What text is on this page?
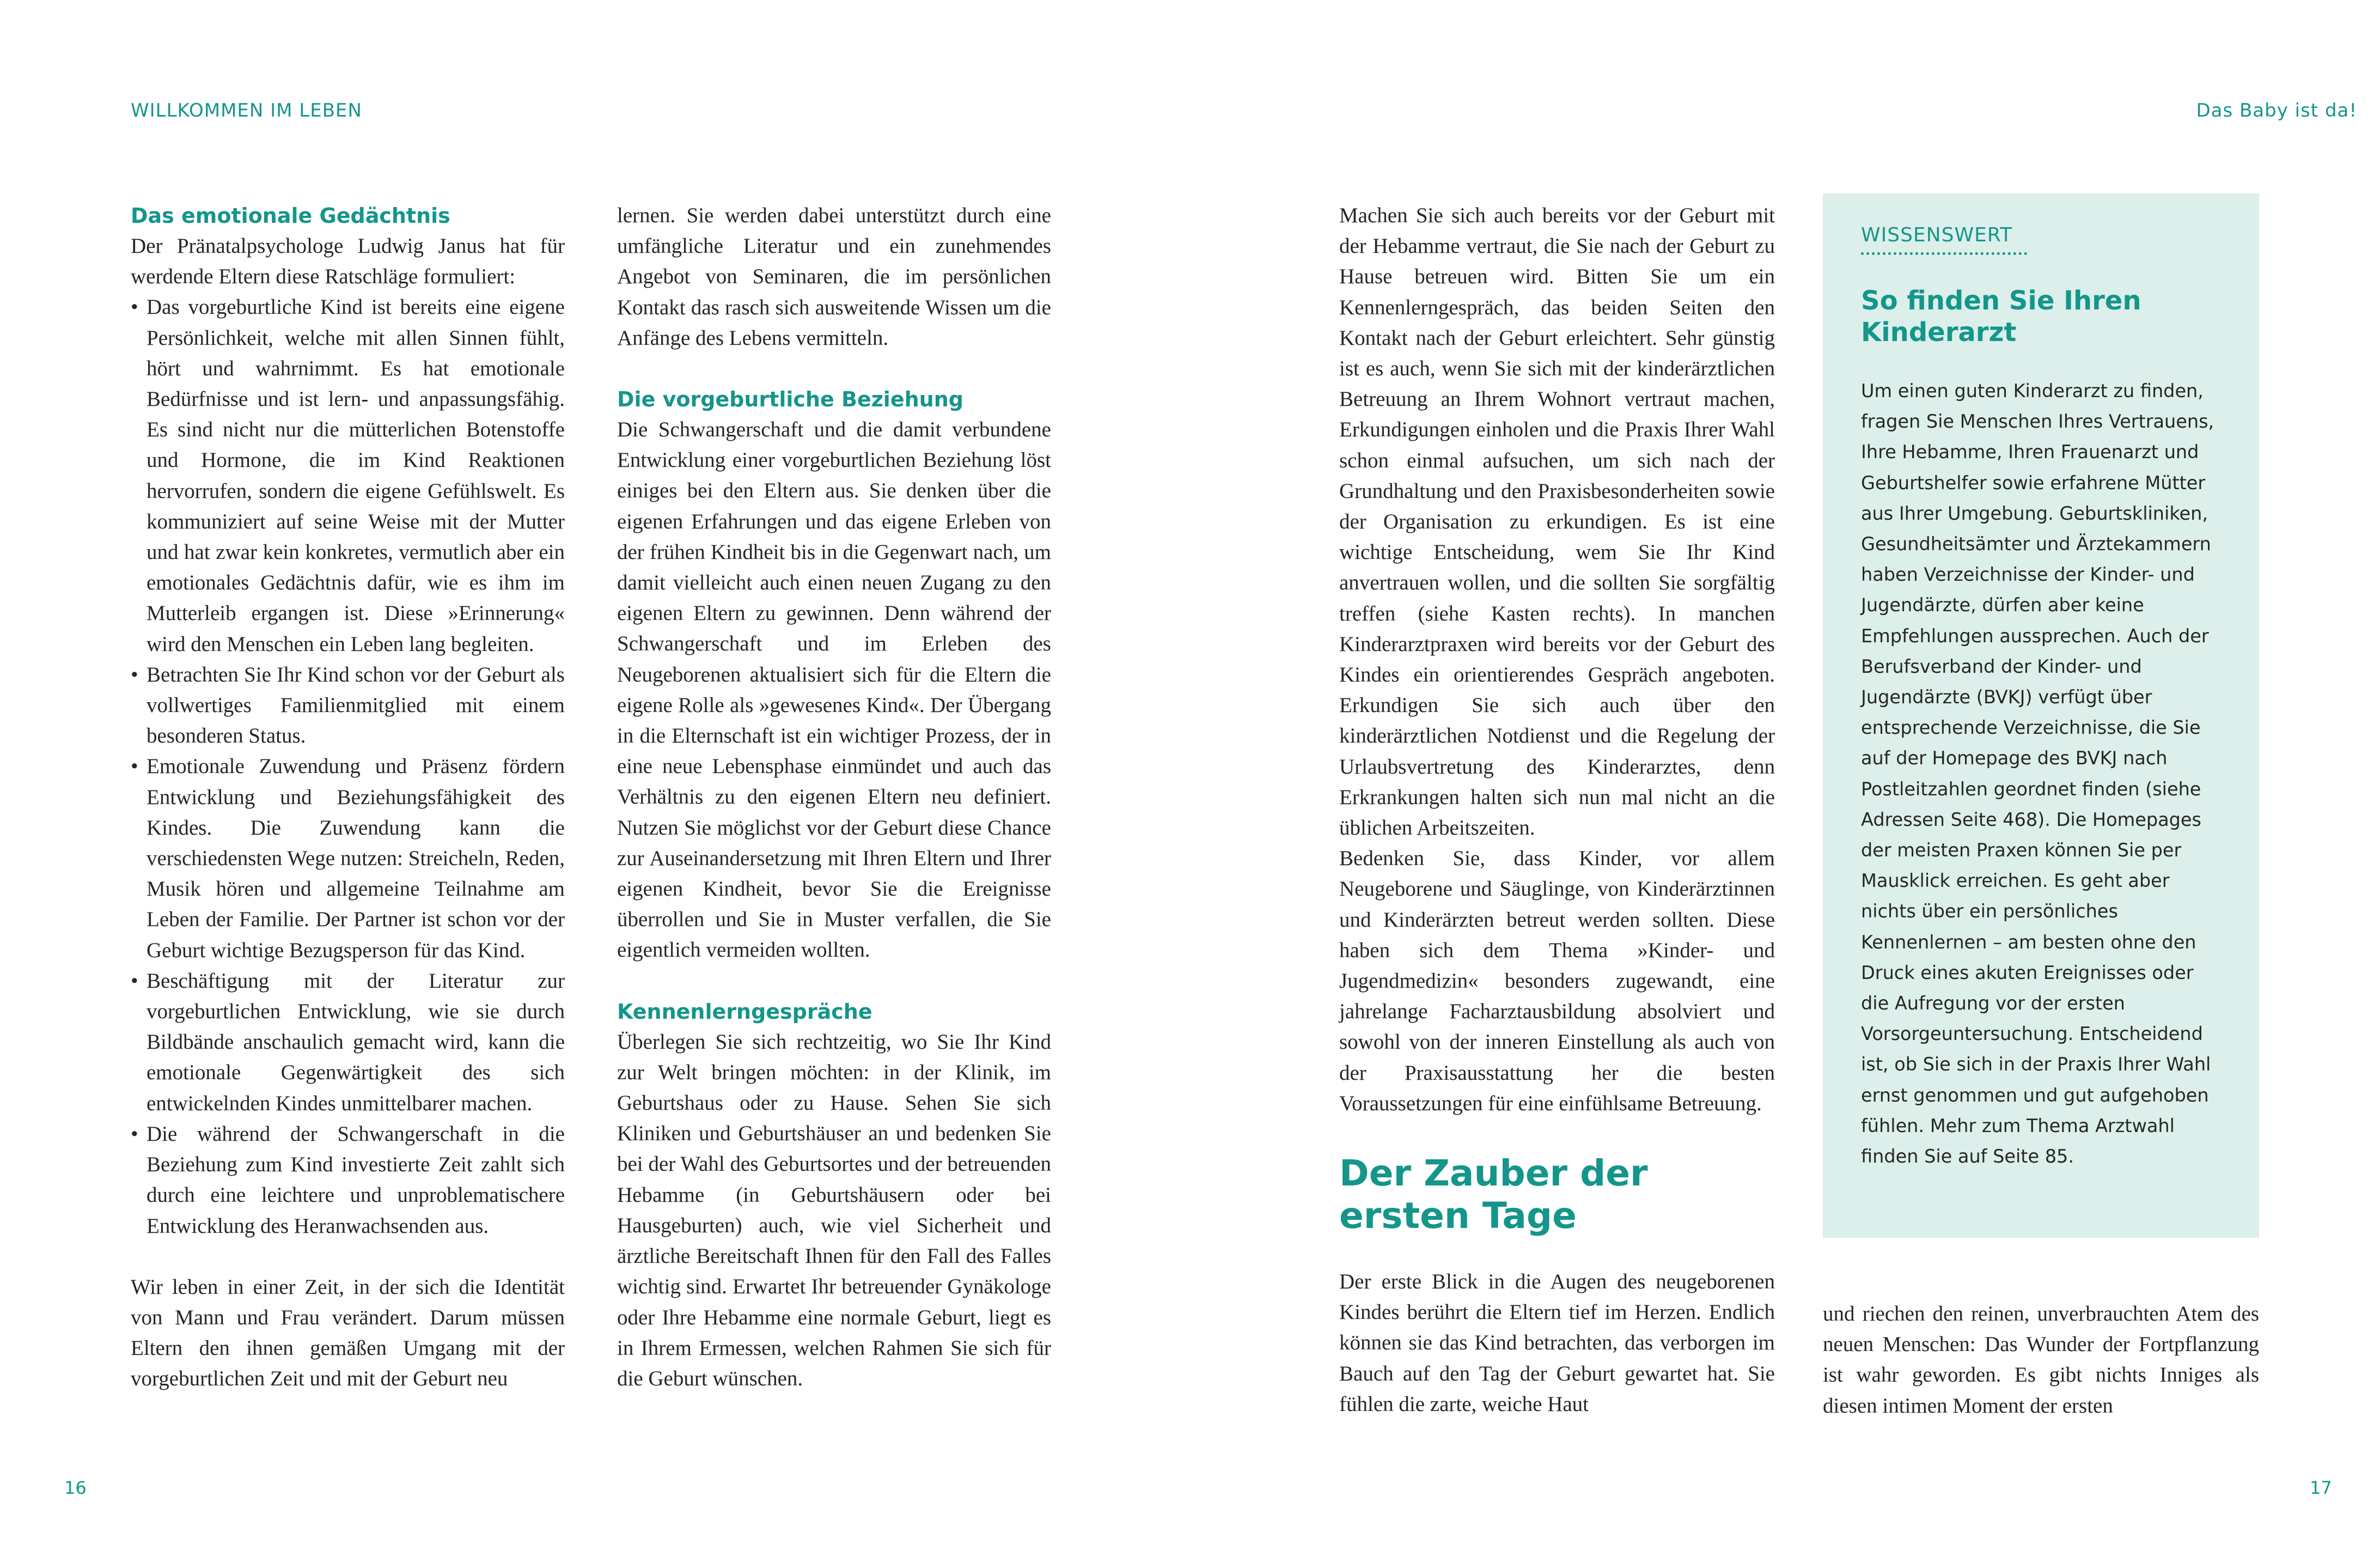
WILLKOMMEN IM LEBEN
Das emotionale Gedächtnis

Der Pränatalpsychologe Ludwig Janus hat für werdende Eltern diese Ratschläge formuliert:

• Das vorgeburtliche Kind ist bereits eine eigene Persönlichkeit, welche mit allen Sinnen fühlt, hört und wahrnimmt. Es hat emotionale Bedürfnisse und ist lern- und anpassungsfähig. Es sind nicht nur die mütterlichen Botenstoffe und Hormone, die im Kind Reaktionen hervorrufen, sondern die eigene Gefühlswelt. Es kommuniziert auf seine Weise mit der Mutter und hat zwar kein konkretes, vermutlich aber ein emotionales Gedächtnis dafür, wie es ihm im Mutterleib ergangen ist. Diese »Erinnerung« wird den Menschen ein Leben lang begleiten.
• Betrachten Sie Ihr Kind schon vor der Geburt als vollwertiges Familienmitglied mit einem besonderen Status.
• Emotionale Zuwendung und Präsenz fördern Entwicklung und Beziehungsfähigkeit des Kindes. Die Zuwendung kann die verschiedensten Wege nutzen: Streicheln, Reden, Musik hören und allgemeine Teilnahme am Leben der Familie. Der Partner ist schon vor der Geburt wichtige Bezugsperson für das Kind.
• Beschäftigung mit der Literatur zur vorgeburtlichen Entwicklung, wie sie durch Bildbände anschaulich gemacht wird, kann die emotionale Gegenwärtigkeit des sich entwickelnden Kindes unmittelbarer machen.
• Die während der Schwangerschaft in die Beziehung zum Kind investierte Zeit zahlt sich durch eine leichtere und unproblematischere Entwicklung des Heranwachsenden aus.

Wir leben in einer Zeit, in der sich die Identität von Mann und Frau verändert. Darum müssen Eltern den ihnen gemäßen Umgang mit der vorgeburtlichen Zeit und mit der Geburt neu

lernen. Sie werden dabei unterstützt durch eine umfängliche Literatur und ein zunehmendes Angebot von Seminaren, die im persönlichen Kontakt das rasch sich ausweitende Wissen um die Anfänge des Lebens vermitteln.

Die vorgeburtliche Beziehung

Die Schwangerschaft und die damit verbundene Entwicklung einer vorgeburtlichen Beziehung löst einiges bei den Eltern aus. Sie denken über die eigenen Erfahrungen und das eigene Erleben von der frühen Kindheit bis in die Gegenwart nach, um damit vielleicht auch einen neuen Zugang zu den eigenen Eltern zu gewinnen. Denn während der Schwangerschaft und im Erleben des Neugeborenen aktualisiert sich für die Eltern die eigene Rolle als »gewesenes Kind«. Der Übergang in die Elternschaft ist ein wichtiger Prozess, der in eine neue Lebensphase einmündet und auch das Verhältnis zu den eigenen Eltern neu definiert. Nutzen Sie möglichst vor der Geburt diese Chance zur Auseinandersetzung mit Ihren Eltern und Ihrer eigenen Kindheit, bevor Sie die Ereignisse überrollen und Sie in Muster verfallen, die Sie eigentlich vermeiden wollten.

Kennenlerngespräche

Überlegen Sie sich rechtzeitig, wo Sie Ihr Kind zur Welt bringen möchten: in der Klinik, im Geburtshaus oder zu Hause. Sehen Sie sich Kliniken und Geburtshäuser an und bedenken Sie bei der Wahl des Geburtsortes und der betreuenden Hebamme (in Geburtshäusern oder bei Hausgeburten) auch, wie viel Sicherheit und ärztliche Bereitschaft Ihnen für den Fall des Falles wichtig sind. Erwartet Ihr betreuender Gynäkologe oder Ihre Hebamme eine normale Geburt, liegt es in Ihrem Ermessen, welchen Rahmen Sie sich für die Geburt wünschen.

16
Das Baby ist da!
17

Machen Sie sich auch bereits vor der Geburt mit der Hebamme vertraut, die Sie nach der Geburt zu Hause betreuen wird. Bitten Sie um ein Kennenlerngespräch, das beiden Seiten den Kontakt nach der Geburt erleichtert. Sehr günstig ist es auch, wenn Sie sich mit der kinderärztlichen Betreuung an Ihrem Wohnort vertraut machen, Erkundigungen einholen und die Praxis Ihrer Wahl schon einmal aufsuchen, um sich nach der Grundhaltung und den Praxisbesonderheiten sowie der Organisation zu erkundigen. Es ist eine wichtige Entscheidung, wem Sie Ihr Kind anvertrauen wollen, und die sollten Sie sorgfältig treffen (siehe Kasten rechts). In manchen Kinderarztpraxen wird bereits vor der Geburt des Kindes ein orientierendes Gespräch angeboten. Erkundigen Sie sich auch über den kinderärztlichen Notdienst und die Regelung der Urlaubsvertretung des Kinderarztes, denn Erkrankungen halten sich nun mal nicht an die üblichen Arbeitszeiten.

Bedenken Sie, dass Kinder, vor allem Neugeborene und Säuglinge, von Kinderärztinnen und Kinderärzten betreut werden sollten. Diese haben sich dem Thema »Kinder- und Jugendmedizin« besonders zugewandt, eine jahrelange Facharztausbildung absolviert und sowohl von der inneren Einstellung als auch von der Praxisausstattung her die besten Voraussetzungen für eine einfühlsame Betreuung.

Der Zauber der ersten Tage

Der erste Blick in die Augen des neugeborenen Kindes berührt die Eltern tief im Herzen. Endlich können sie das Kind betrachten, das verborgen im Bauch auf den Tag der Geburt gewartet hat. Sie fühlen die zarte, weiche Haut

WISSENSWERT
So finden Sie Ihren Kinderarzt

Um einen guten Kinderarzt zu finden, fragen Sie Menschen Ihres Vertrauens, Ihre Hebamme, Ihren Frauenarzt und Geburtshelfer sowie erfahrene Mütter aus Ihrer Umgebung. Geburtskliniken, Gesundheitsämter und Ärztekammern haben Verzeichnisse der Kinder- und Jugendärzte, dürfen aber keine Empfehlungen aussprechen. Auch der Berufsverband der Kinder- und Jugendärzte (BVKJ) verfügt über entsprechende Verzeichnisse, die Sie auf der Homepage des BVKJ nach Postleitzahlen geordnet finden (siehe Adressen Seite 468). Die Homepages der meisten Praxen können Sie per Mausklick erreichen. Es geht aber nichts über ein persönliches Kennenlernen – am besten ohne den Druck eines akuten Ereignisses oder die Aufregung vor der ersten Vorsorgeuntersuchung. Entscheidend ist, ob Sie sich in der Praxis Ihrer Wahl ernst genommen und gut aufgehoben fühlen. Mehr zum Thema Arztwahl finden Sie auf Seite 85.

und riechen den reinen, unverbrauchten Atem des neuen Menschen: Das Wunder der Fortpflanzung ist wahr geworden. Es gibt nichts Inniges als diesen intimen Moment der ersten
